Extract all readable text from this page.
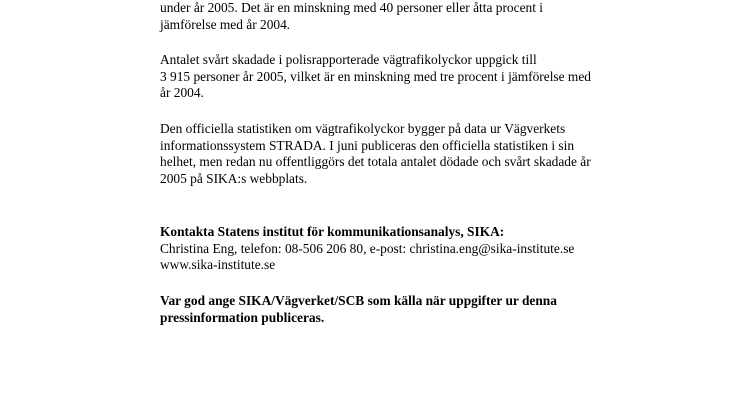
under år 2005. Det är en minskning med 40 personer eller åtta procent i
jämförelse med år 2004.

Antalet svårt skadade i polisrapporterade vägtrafikolyckor uppgick till
3 915 personer år 2005, vilket är en minskning med tre procent i jämförelse med
år 2004.

Den officiella statistiken om vägtrafikolyckor bygger på data ur Vägverkets
informationssystem STRADA. I juni publiceras den officiella statistiken i sin
helhet, men redan nu offentliggörs det totala antalet dödade och svårt skadade år
2005 på SIKA:s webbplats.

Kontakta Statens institut för kommunikationsanalys, SIKA:
Christina Eng, telefon: 08-506 206 80, e-post: christina.eng@sika-institute.se
www.sika-institute.se

Var god ange SIKA/Vägverket/SCB som källa när uppgifter ur denna
pressinformation publiceras.
